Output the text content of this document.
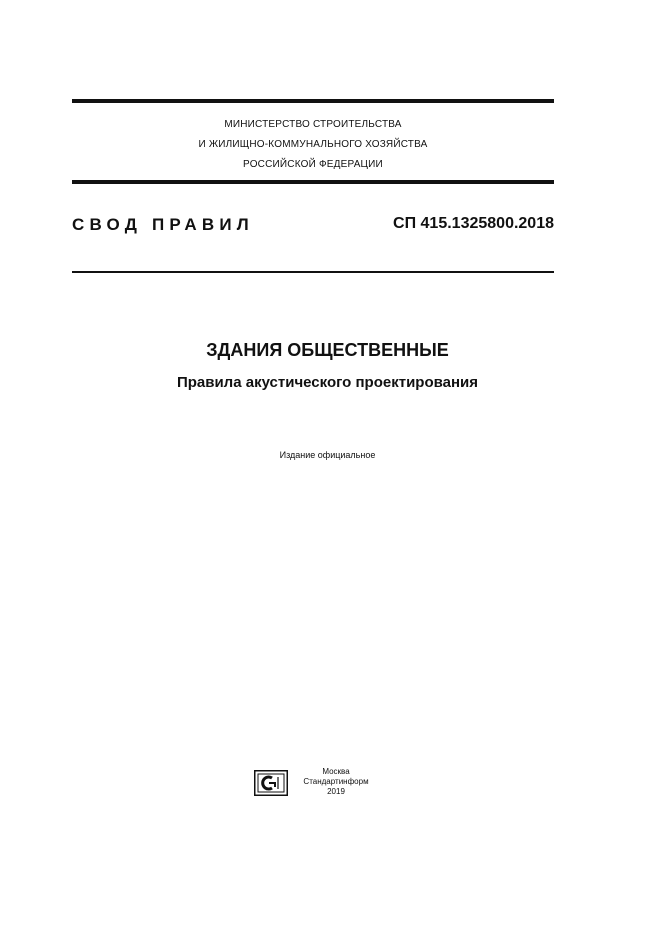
МИНИСТЕРСТВО СТРОИТЕЛЬСТВА
И ЖИЛИЩНО-КОММУНАЛЬНОГО ХОЗЯЙСТВА
РОССИЙСКОЙ ФЕДЕРАЦИИ
СВОД ПРАВИЛ	СП 415.1325800.2018
ЗДАНИЯ ОБЩЕСТВЕННЫЕ
Правила акустического проектирования
Издание официальное
Москва
Стандартинформ
2019
